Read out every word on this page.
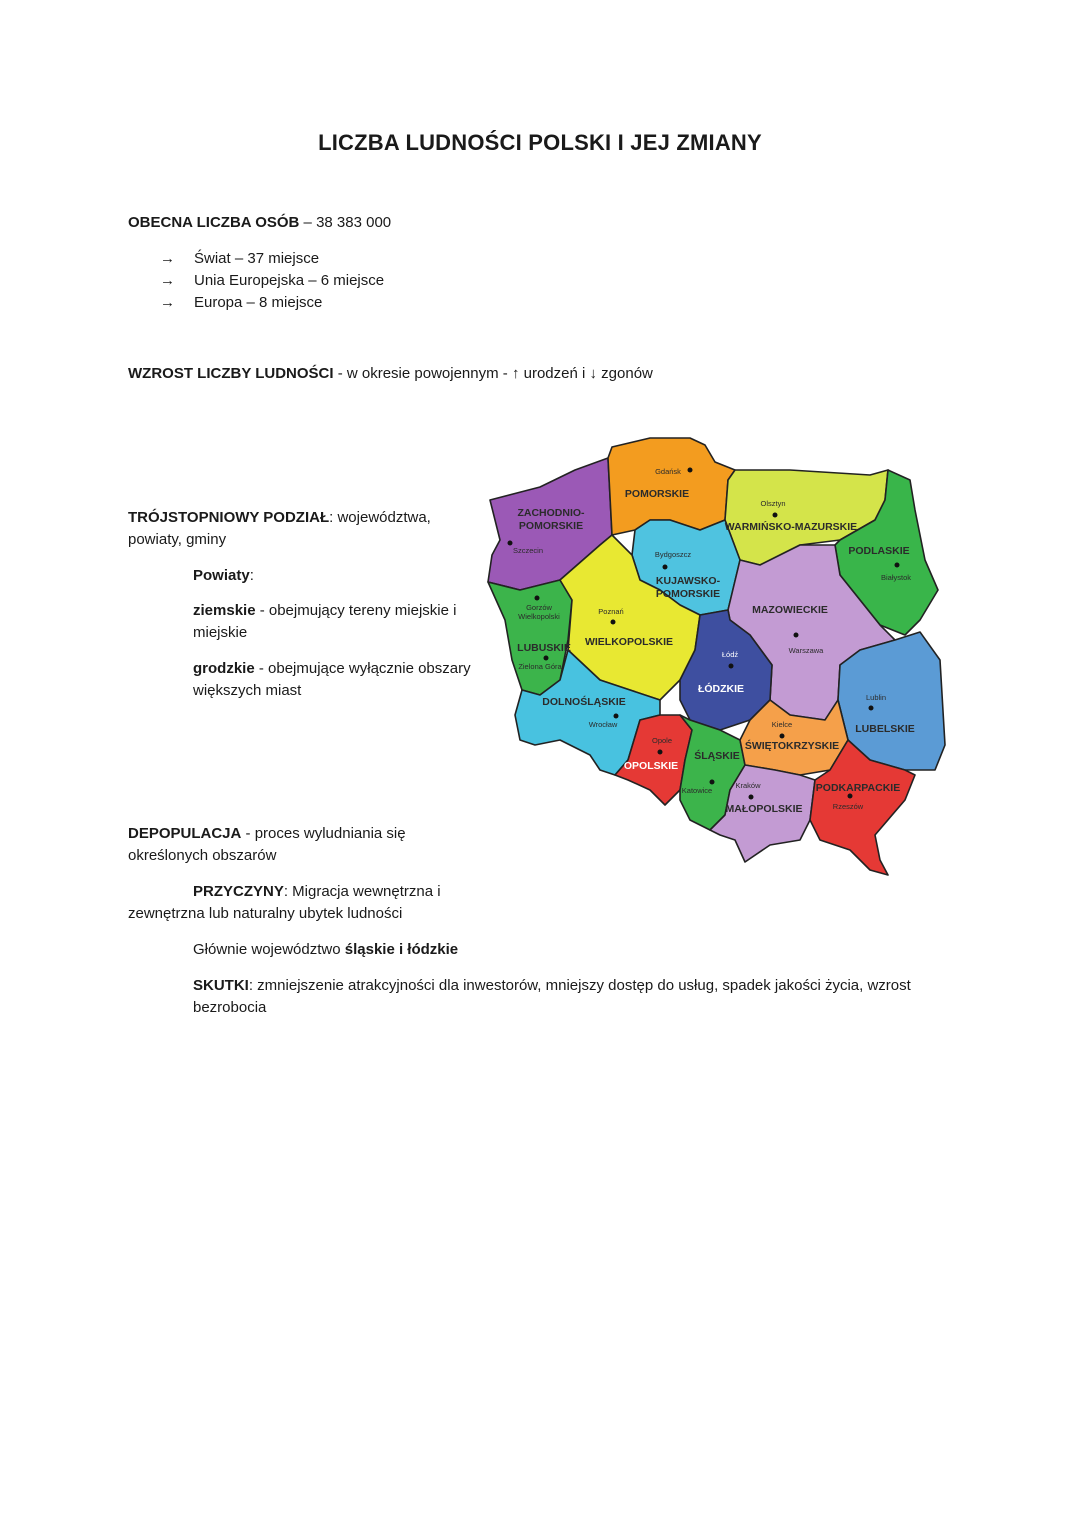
LICZBA LUDNOŚCI POLSKI I JEJ ZMIANY
OBECNA LICZBA OSÓB – 38 383 000
→	Świat – 37 miejsce
→	Unia Europejska – 6 miejsce
→	Europa – 8 miejsce
WZROST LICZBY LUDNOŚCI - w okresie powojennym - ↑ urodzeń i ↓ zgonów
TRÓJSTOPNIOWY PODZIAŁ: województwa, powiaty, gminy
Powiaty:
ziemskie - obejmujący tereny miejskie i miejskie
grodzkie - obejmujące wyłącznie obszary większych miast
DEPOPULACJA - proces wyludniania się określonych obszarów
PRZYCZYNY: Migracja wewnętrzna i
zewnętrzna lub naturalny ubytek ludności
Głównie województwo śląskie i łódzkie
SKUTKI: zmniejszenie atrakcyjności dla inwestorów, mniejszy dostęp do usług, spadek jakości życia, wzrost bezrobocia
ZACHODNIO-
POMORSKIE
POMORSKIE
WARMIŃSKO-MAZURSKIE
PODLASKIE
KUJAWSKO-
POMORSKIE
LUBUSKIE WIELKOPOLSKIE
MAZOWIECKIE
ŁÓDZKIE
LUBELSKIE
DOLNOŚLĄSKIE
OPOLSKIE
ŚLĄSKIE
ŚWIĘTOKRZYSKIE
MAŁOPOLSKIE
PODKARPACKIE
Gdańsk
Olsztyn
Szczecin	Bydgoszcz
Białystok
Gorzów
Wielkopolski
Poznań
Warszawa
Łódź
Zielona Góra
Lublin
Wrocław
Opole
Kielce
Katowice
Kraków
Rzeszów
